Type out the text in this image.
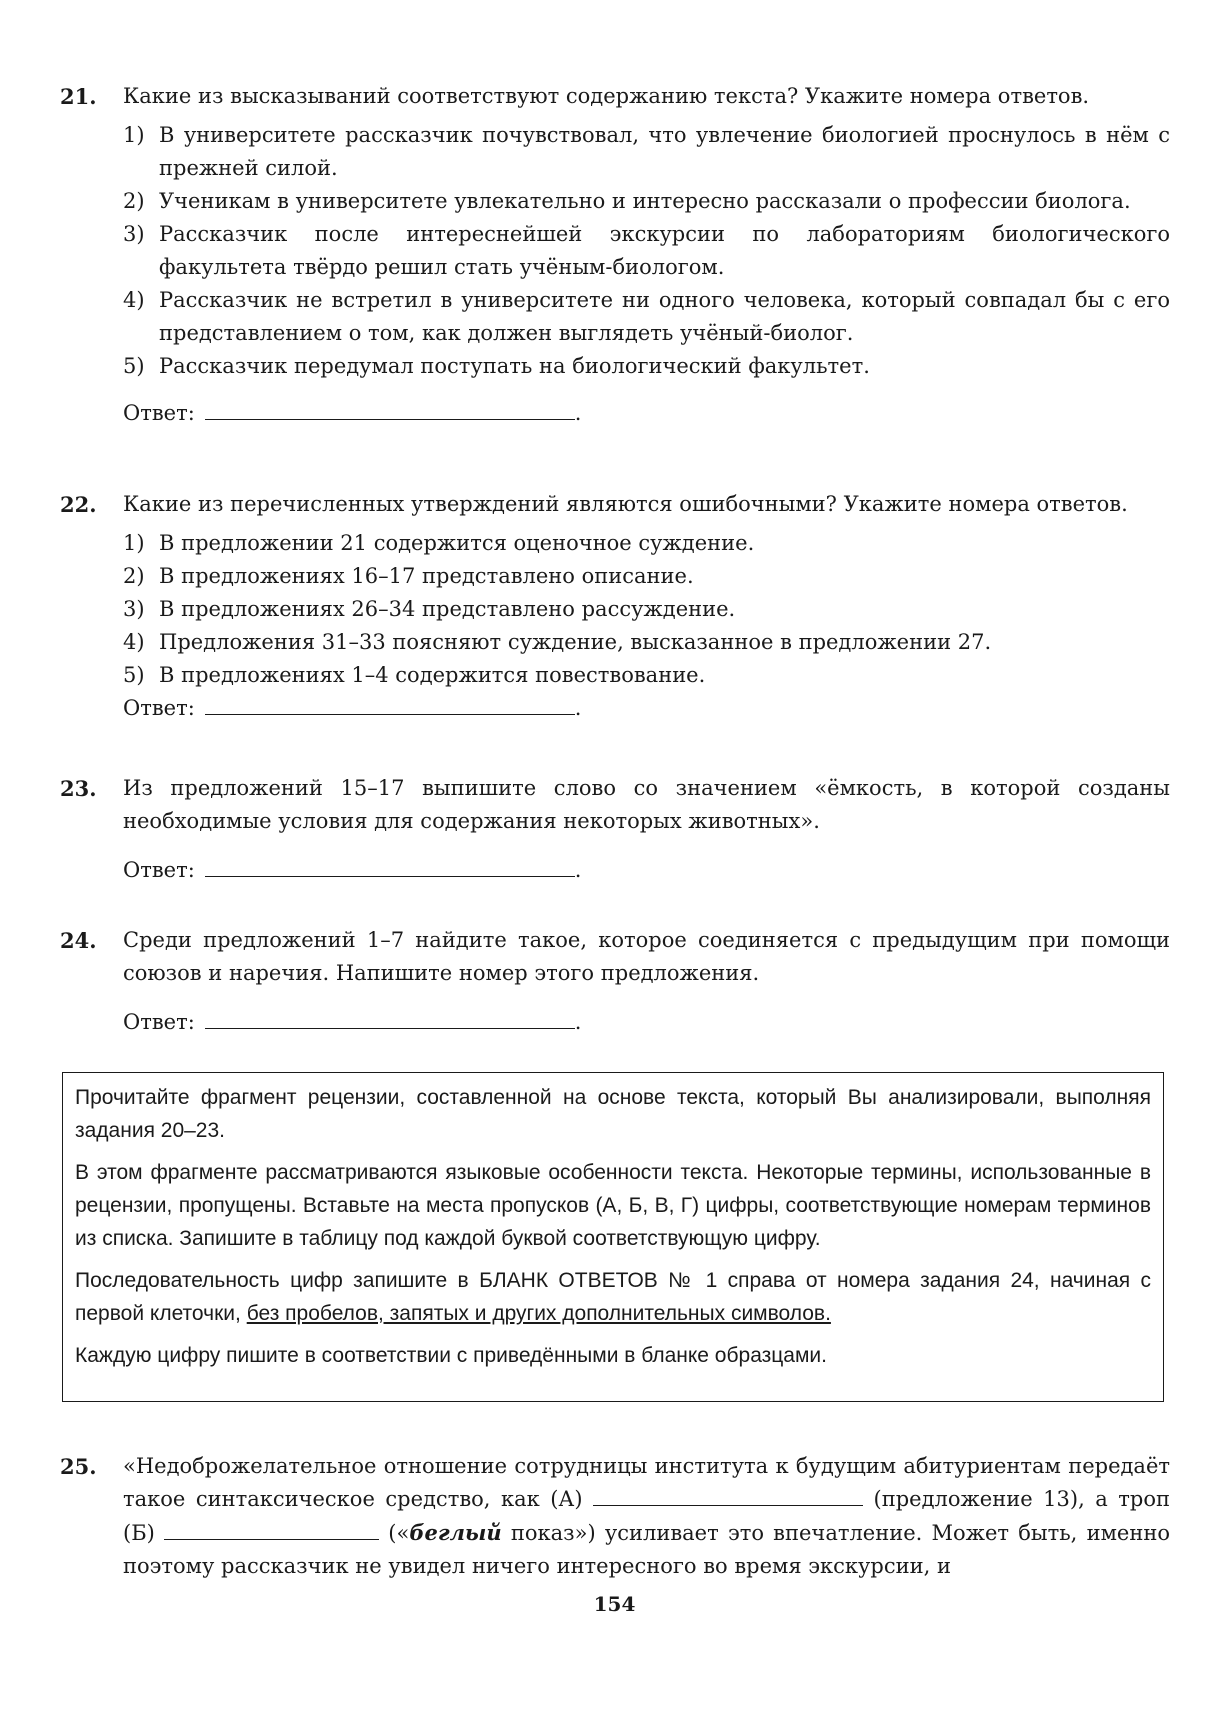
21.	Какие из высказываний соответствуют содержанию текста? Укажите номера ответов.
1) В университете рассказчик почувствовал, что увлечение биологией проснулось в нём с прежней силой.
2) Ученикам в университете увлекательно и интересно рассказали о профессии биолога.
3) Рассказчик после интереснейшей экскурсии по лабораториям биологического факультета твёрдо решил стать учёным-биологом.
4) Рассказчик не встретил в университете ни одного человека, который совпадал бы с его представлением о том, как должен выглядеть учёный-биолог.
5) Рассказчик передумал поступать на биологический факультет.
Ответ:	.
22.	Какие из перечисленных утверждений являются ошибочными? Укажите номера ответов.
1) В предложении 21 содержится оценочное суждение.
2) В предложениях 16–17 представлено описание.
3) В предложениях 26–34 представлено рассуждение.
4) Предложения 31–33 поясняют суждение, высказанное в предложении 27.
5) В предложениях 1–4 содержится повествование.
Ответ:	.
23.	Из предложений 15–17 выпишите слово со значением «ёмкость, в которой созданы необходимые условия для содержания некоторых животных».
Ответ:	.
24.	Среди предложений 1–7 найдите такое, которое соединяется с предыдущим при помощи союзов и наречия. Напишите номер этого предложения.
Ответ:	.

Прочитайте фрагмент рецензии, составленной на основе текста, который Вы анализировали, выполняя задания 20–23.

В этом фрагменте рассматриваются языковые особенности текста. Некоторые термины, использованные в рецензии, пропущены. Вставьте на места пропусков (А, Б, В, Г) цифры, соответствующие номерам терминов из списка. Запишите в таблицу под каждой буквой соответствующую цифру.

Последовательность цифр запишите в БЛАНК ОТВЕТОВ № 1 справа от номера задания 24, начиная с первой клеточки, без пробелов, запятых и других дополнительных символов.

Каждую цифру пишите в соответствии с приведёнными в бланке образцами.

25.	«Недоброжелательное отношение сотрудницы института к будущим абитуриентам передаёт такое синтаксическое средство, как (А)	(предложение 13), а троп (Б)	(«беглый показ») усиливает это впечатление. Может быть, именно поэтому рассказчик не увидел ничего интересного во время экскурсии, и
154
